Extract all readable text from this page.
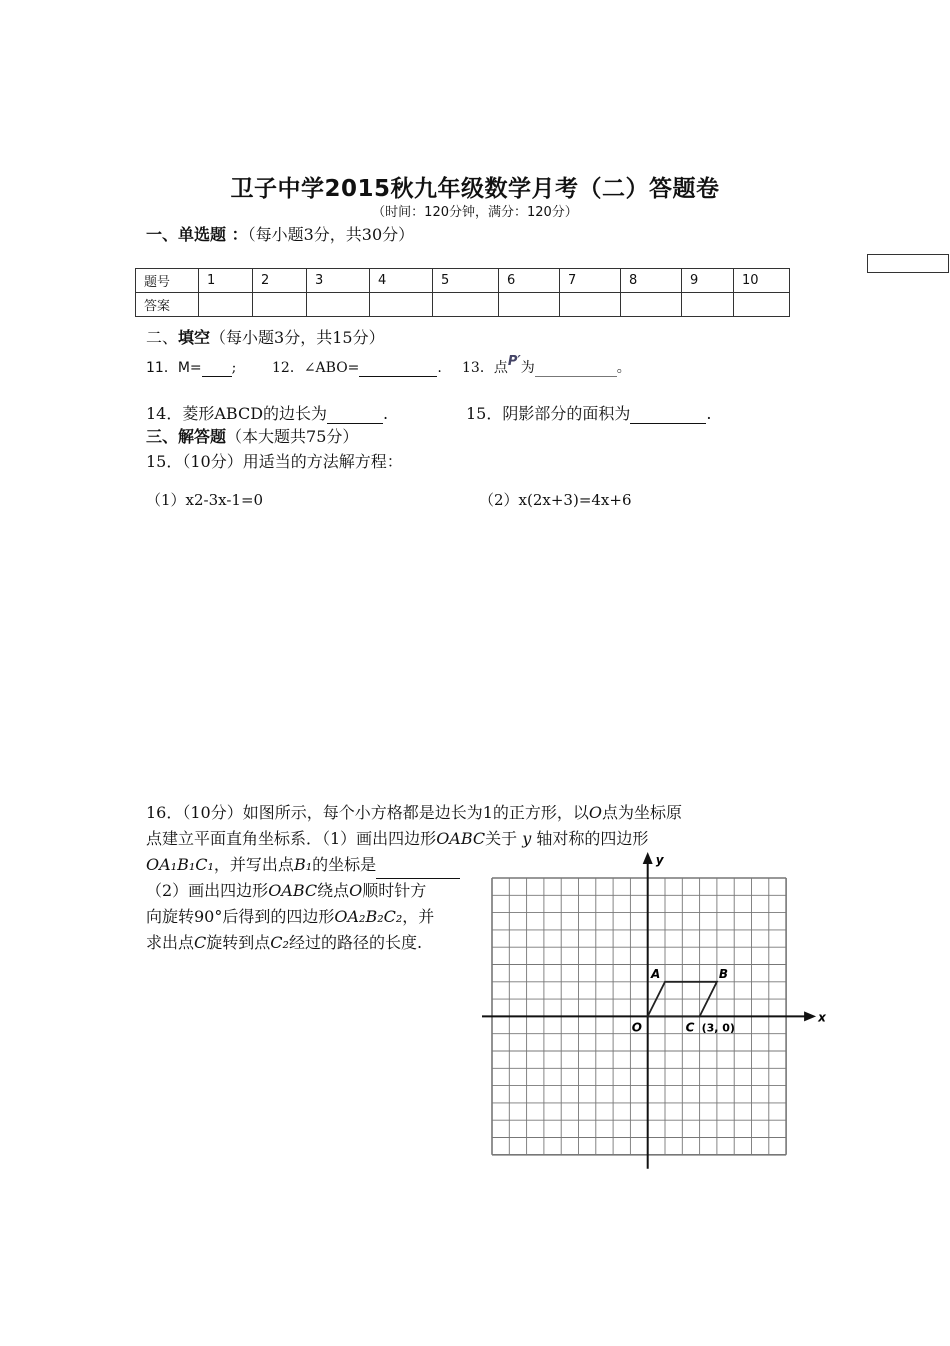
卫子中学2015秋九年级数学月考（二）答题卷
（时间：120分钟，满分：120分）
一、单选题 ：（每小题3分，共30分）
题号	1	2	3	4	5	6	7	8	9	10
答案										
二、填空（每小题3分，共15分）
11．M= ;	12．∠ABO=	. 13．点P′为	。
14．菱形ABCD的边长为	.	15．阴影部分的面积为	.
三、解答题（本大题共75分）
15．（10分）用适当的方法解方程：
（1）x2-3x-1=0	（2）x(2x+3)=4x+6
16．（10分）如图所示，每个小方格都是边长为1的正方形，以O点为坐标原
点建立平面直角坐标系．（1）画出四边形OABC关于 y 轴对称的四边形
OA₁B₁C₁，并写出点B₁的坐标是
（2）画出四边形OABC绕点O顺时针方
向旋转90°后得到的四边形OA₂B₂C₂，并
求出点C旋转到点C₂经过的路径的长度.
x
y
O
A	B
C (3, 0)
